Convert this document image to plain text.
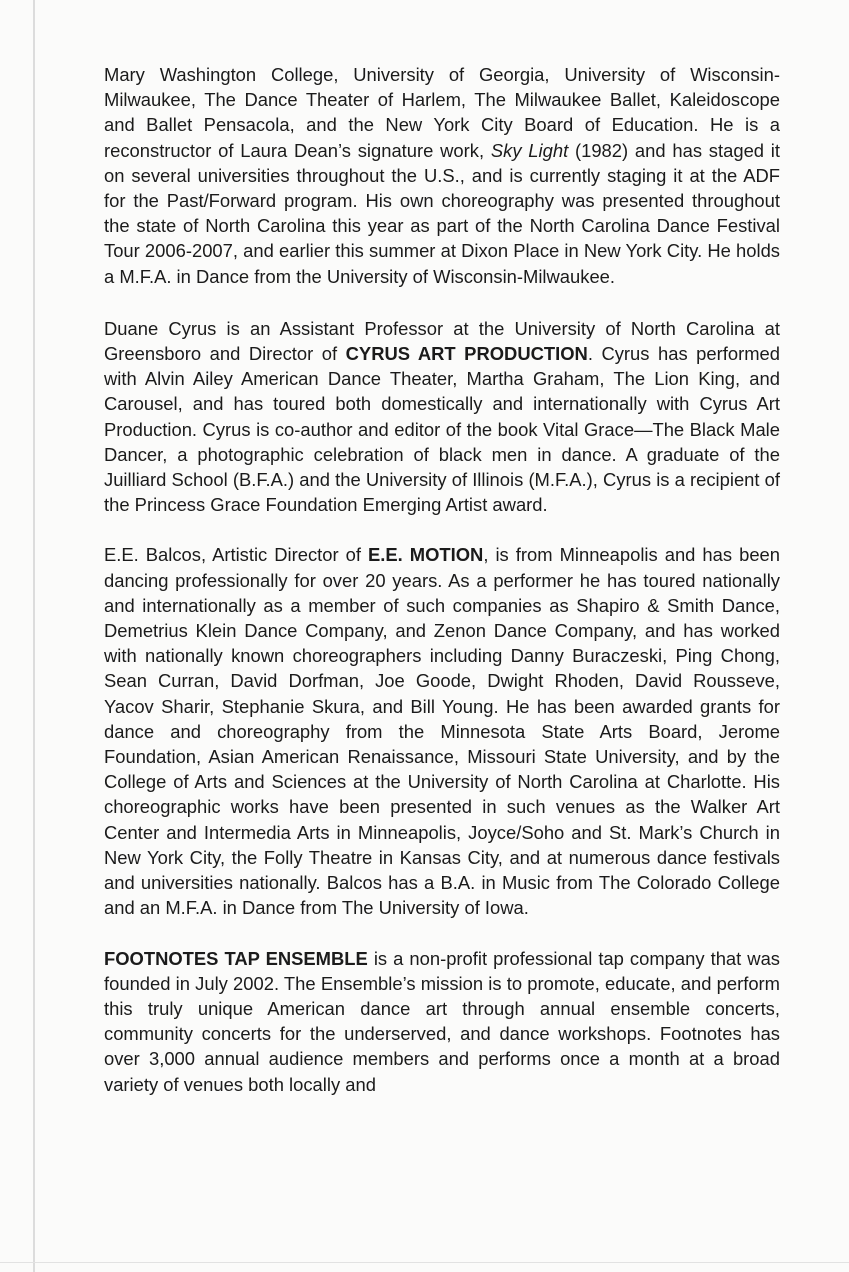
Mary Washington College, University of Georgia, University of Wisconsin-Milwaukee, The Dance Theater of Harlem, The Milwaukee Ballet, Kaleidoscope and Ballet Pensacola, and the New York City Board of Education. He is a reconstructor of Laura Dean’s signature work, Sky Light (1982) and has staged it on several universities throughout the U.S., and is currently staging it at the ADF for the Past/Forward program. His own choreography was presented throughout the state of North Carolina this year as part of the North Carolina Dance Festival Tour 2006-2007, and earlier this summer at Dixon Place in New York City. He holds a M.F.A. in Dance from the University of Wisconsin-Milwaukee.

Duane Cyrus is an Assistant Professor at the University of North Carolina at Greensboro and Director of CYRUS ART PRODUCTION. Cyrus has performed with Alvin Ailey American Dance Theater, Martha Graham, The Lion King, and Carousel, and has toured both domestically and internationally with Cyrus Art Production. Cyrus is co-author and editor of the book Vital Grace—The Black Male Dancer, a photographic celebration of black men in dance. A graduate of the Juilliard School (B.F.A.) and the University of Illinois (M.F.A.), Cyrus is a recipient of the Princess Grace Foundation Emerging Artist award.

E.E. Balcos, Artistic Director of E.E. MOTION, is from Minneapolis and has been dancing professionally for over 20 years. As a performer he has toured nationally and internationally as a member of such companies as Shapiro & Smith Dance, Demetrius Klein Dance Company, and Zenon Dance Company, and has worked with nationally known choreographers including Danny Buraczeski, Ping Chong, Sean Curran, David Dorfman, Joe Goode, Dwight Rhoden, David Rousseve, Yacov Sharir, Stephanie Skura, and Bill Young. He has been awarded grants for dance and choreography from the Minnesota State Arts Board, Jerome Foundation, Asian American Renaissance, Missouri State University, and by the College of Arts and Sciences at the University of North Carolina at Charlotte. His choreographic works have been presented in such venues as the Walker Art Center and Intermedia Arts in Minneapolis, Joyce/Soho and St. Mark’s Church in New York City, the Folly Theatre in Kansas City, and at numerous dance festivals and universities nationally. Balcos has a B.A. in Music from The Colorado College and an M.F.A. in Dance from The University of Iowa.

FOOTNOTES TAP ENSEMBLE is a non-profit professional tap company that was founded in July 2002. The Ensemble’s mission is to promote, educate, and perform this truly unique American dance art through annual ensemble concerts, community concerts for the underserved, and dance workshops. Footnotes has over 3,000 annual audience members and performs once a month at a broad variety of venues both locally and
